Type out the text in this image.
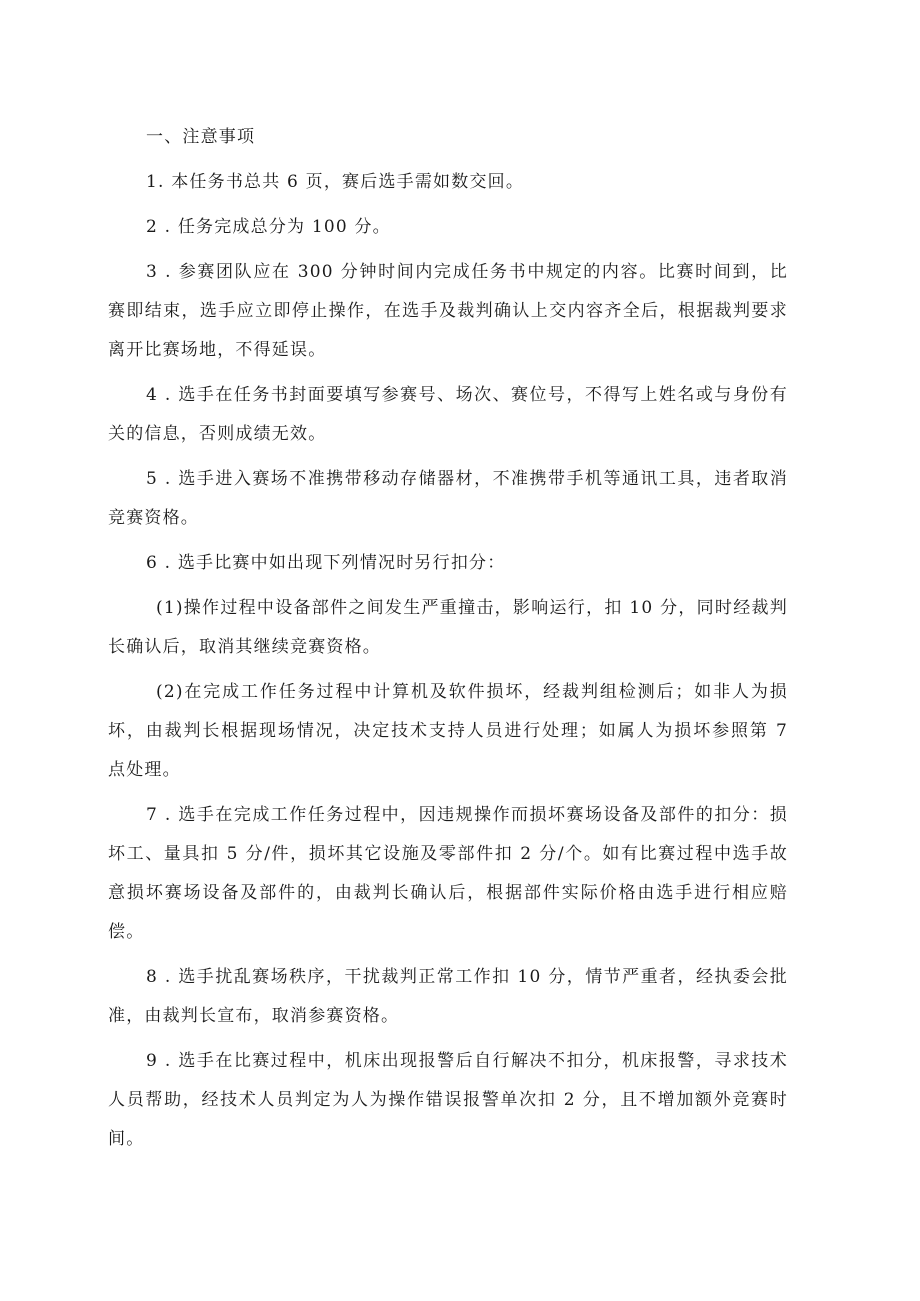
一、注意事项

1. 本任务书总共 6 页，赛后选手需如数交回。

2 . 任务完成总分为 100 分。

3 . 参赛团队应在 300 分钟时间内完成任务书中规定的内容。比赛时间到，比赛即结束，选手应立即停止操作，在选手及裁判确认上交内容齐全后，根据裁判要求离开比赛场地，不得延误。

4 . 选手在任务书封面要填写参赛号、场次、赛位号，不得写上姓名或与身份有关的信息，否则成绩无效。

5 . 选手进入赛场不准携带移动存储器材，不准携带手机等通讯工具，违者取消竞赛资格。

6 . 选手比赛中如出现下列情况时另行扣分：

(1)操作过程中设备部件之间发生严重撞击，影响运行，扣 10 分，同时经裁判长确认后，取消其继续竞赛资格。

(2)在完成工作任务过程中计算机及软件损坏，经裁判组检测后；如非人为损坏，由裁判长根据现场情况，决定技术支持人员进行处理；如属人为损坏参照第 7 点处理。

7 . 选手在完成工作任务过程中，因违规操作而损坏赛场设备及部件的扣分：损坏工、量具扣 5 分/件，损坏其它设施及零部件扣 2 分/个。如有比赛过程中选手故意损坏赛场设备及部件的，由裁判长确认后，根据部件实际价格由选手进行相应赔偿。

8 . 选手扰乱赛场秩序，干扰裁判正常工作扣 10 分，情节严重者，经执委会批准，由裁判长宣布，取消参赛资格。

9 . 选手在比赛过程中，机床出现报警后自行解决不扣分，机床报警，寻求技术人员帮助，经技术人员判定为人为操作错误报警单次扣 2 分，且不增加额外竞赛时间。
